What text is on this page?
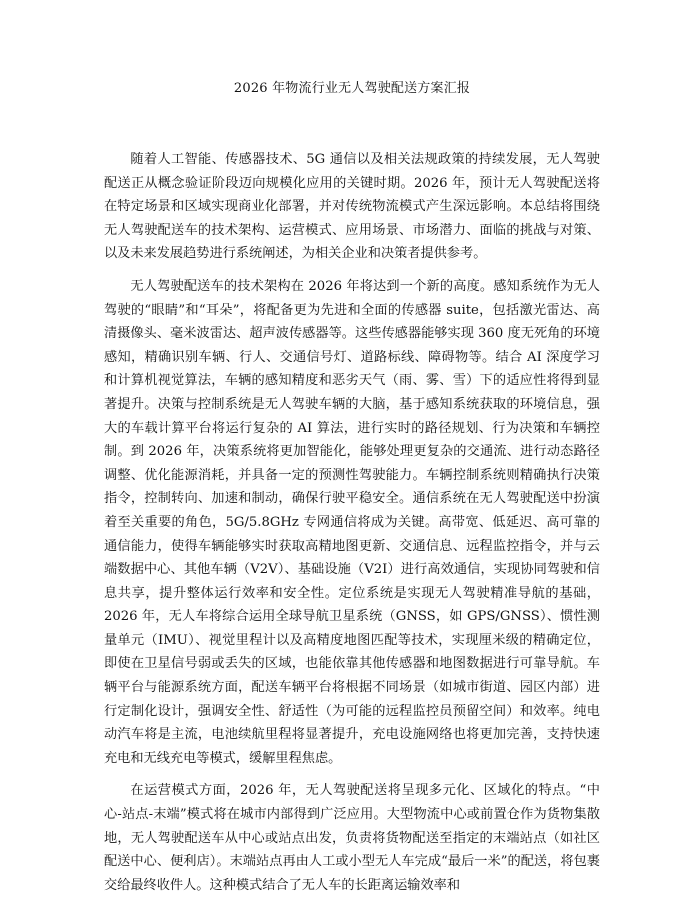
2026 年物流行业无人驾驶配送方案汇报

随着人工智能、传感器技术、5G 通信以及相关法规政策的持续发展，无人驾驶配送正从概念验证阶段迈向规模化应用的关键时期。2026 年，预计无人驾驶配送将在特定场景和区域实现商业化部署，并对传统物流模式产生深远影响。本总结将围绕无人驾驶配送车的技术架构、运营模式、应用场景、市场潜力、面临的挑战与对策、以及未来发展趋势进行系统阐述，为相关企业和决策者提供参考。

无人驾驶配送车的技术架构在 2026 年将达到一个新的高度。感知系统作为无人驾驶的“眼睛”和“耳朵”，将配备更为先进和全面的传感器 suite，包括激光雷达、高清摄像头、毫米波雷达、超声波传感器等。这些传感器能够实现 360 度无死角的环境感知，精确识别车辆、行人、交通信号灯、道路标线、障碍物等。结合 AI 深度学习和计算机视觉算法，车辆的感知精度和恶劣天气（雨、雾、雪）下的适应性将得到显著提升。决策与控制系统是无人驾驶车辆的大脑，基于感知系统获取的环境信息，强大的车载计算平台将运行复杂的 AI 算法，进行实时的路径规划、行为决策和车辆控制。到 2026 年，决策系统将更加智能化，能够处理更复杂的交通流、进行动态路径调整、优化能源消耗，并具备一定的预测性驾驶能力。车辆控制系统则精确执行决策指令，控制转向、加速和制动，确保行驶平稳安全。通信系统在无人驾驶配送中扮演着至关重要的角色，5G/5.8GHz 专网通信将成为关键。高带宽、低延迟、高可靠的通信能力，使得车辆能够实时获取高精地图更新、交通信息、远程监控指令，并与云端数据中心、其他车辆（V2V）、基础设施（V2I）进行高效通信，实现协同驾驶和信息共享，提升整体运行效率和安全性。定位系统是实现无人驾驶精准导航的基础，2026 年，无人车将综合运用全球导航卫星系统（GNSS，如 GPS/GNSS）、惯性测量单元（IMU）、视觉里程计以及高精度地图匹配等技术，实现厘米级的精确定位，即使在卫星信号弱或丢失的区域，也能依靠其他传感器和地图数据进行可靠导航。车辆平台与能源系统方面，配送车辆平台将根据不同场景（如城市街道、园区内部）进行定制化设计，强调安全性、舒适性（为可能的远程监控员预留空间）和效率。纯电动汽车将是主流，电池续航里程将显著提升，充电设施网络也将更加完善，支持快速充电和无线充电等模式，缓解里程焦虑。

在运营模式方面，2026 年，无人驾驶配送将呈现多元化、区域化的特点。“中心-站点-末端”模式将在城市内部得到广泛应用。大型物流中心或前置仓作为货物集散地，无人驾驶配送车从中心或站点出发，负责将货物配送至指定的末端站点（如社区配送中心、便利店）。末端站点再由人工或小型无人车完成“最后一米”的配送，将包裹交给最终收件人。这种模式结合了无人车的长距离运输效率和
